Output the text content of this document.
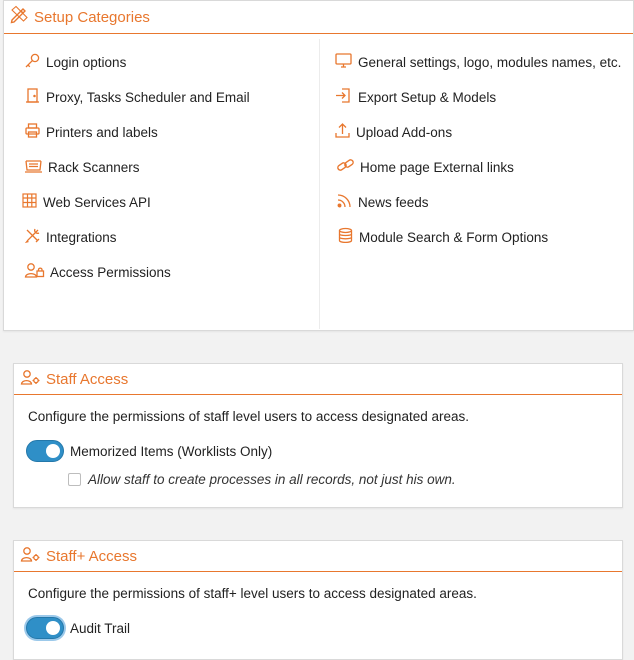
Setup Categories
Login options
Proxy, Tasks Scheduler and Email
Printers and labels
Rack Scanners
Web Services API
Integrations
Access Permissions
General settings, logo, modules names, etc.
Export Setup & Models
Upload Add-ons
Home page External links
News feeds
Module Search & Form Options
Staff Access
Configure the permissions of staff level users to access designated areas.
Memorized Items (Worklists Only)
Allow staff to create processes in all records, not just his own.
Staff+ Access
Configure the permissions of staff+ level users to access designated areas.
Audit Trail
